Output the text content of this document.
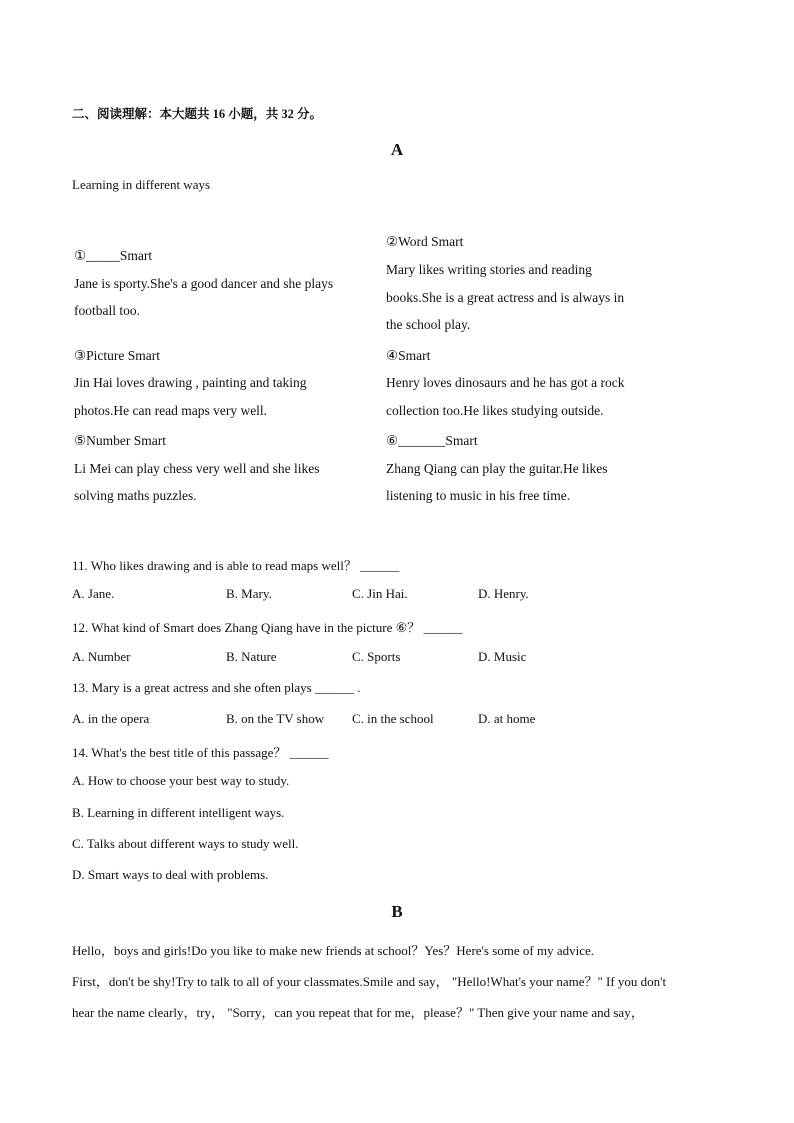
二、阅读理解：本大题共 16 小题，共 32 分。
A
Learning in different ways
①_____Smart
Jane is sporty.She's a good dancer and she plays
football too.
②Word Smart
Mary likes writing stories and reading
books.She is a great actress and is always in
the school play.
③Picture Smart
Jin Hai loves drawing , painting and taking
photos.He can read maps very well.
④Smart
Henry loves dinosaurs and he has got a rock
collection too.He likes studying outside.
⑤Number Smart
Li Mei can play chess very well and she likes
solving maths puzzles.
⑥_______Smart
Zhang Qiang can play the guitar.He likes
listening to music in his free time.
11. Who likes drawing and is able to read maps well？ ______
A. Jane.	B. Mary.	C. Jin Hai.	D. Henry.
12. What kind of Smart does Zhang Qiang have in the picture ⑥？ ______
A. Number	B. Nature	C. Sports	D. Music
13. Mary is a great actress and she often plays ______ .
A. in the opera	B. on the TV show C. in the school	D. at home
14. What's the best title of this passage？ ______
A. How to choose your best way to study.
B. Learning in different intelligent ways.
C. Talks about different ways to study well.
D. Smart ways to deal with problems.
B
Hello，boys and girls!Do you like to make new friends at school？Yes？Here's some of my advice.
First，don't be shy!Try to talk to all of your classmates.Smile and say， "Hello!What's your name？" If you don't
hear the name clearly，try， "Sorry，can you repeat that for me，please？" Then give your name and say，
